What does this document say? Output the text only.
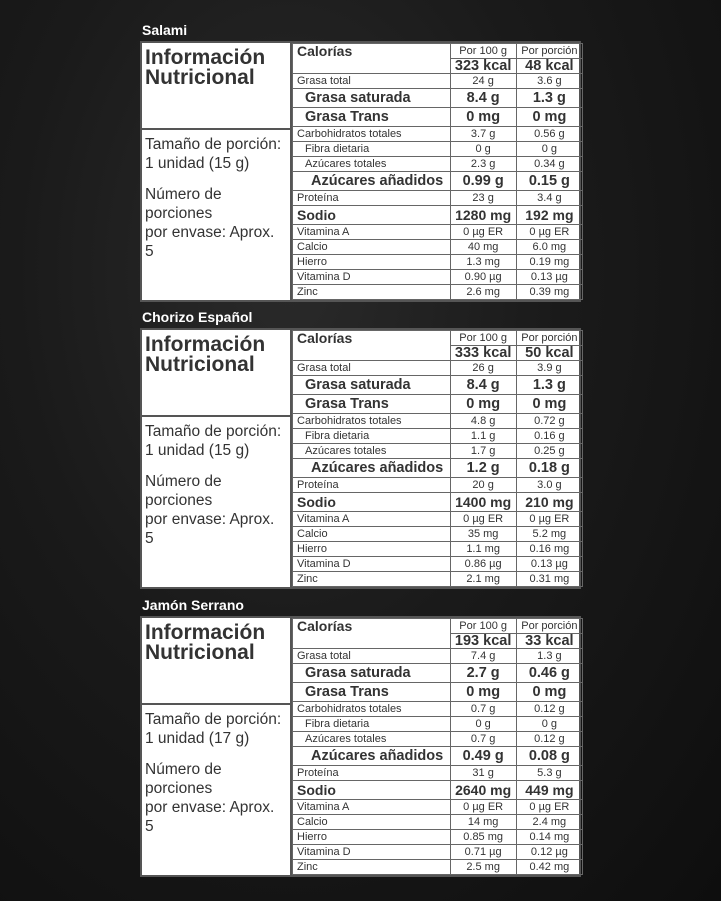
Salami
Información
Nutricional
Tamaño de porción:
1 unidad (15 g)
Número de porciones
por envase: Aprox. 5
Calorías	Por 100 g	Por porción
	323 kcal	48 kcal
Grasa total	24 g	3.6 g
Grasa saturada	8.4 g	1.3 g
Grasa Trans	0 mg	0 mg
Carbohidratos totales	3.7 g	0.56 g
Fibra dietaria	0 g	0 g
Azúcares totales	2.3 g	0.34 g
Azúcares añadidos	0.99 g	0.15 g
Proteína	23 g	3.4 g
Sodio	1280 mg	192 mg
Vitamina A	0 µg ER	0 µg ER
Calcio	40 mg	6.0 mg
Hierro	1.3 mg	0.19 mg
Vitamina D	0.90 µg	0.13 µg
Zinc	2.6 mg	0.39 mg
Chorizo Español
Información
Nutricional
Tamaño de porción:
1 unidad (15 g)
Número de porciones
por envase: Aprox. 5
Calorías	Por 100 g	Por porción
	333 kcal	50 kcal
Grasa total	26 g	3.9 g
Grasa saturada	8.4 g	1.3 g
Grasa Trans	0 mg	0 mg
Carbohidratos totales	4.8 g	0.72 g
Fibra dietaria	1.1 g	0.16 g
Azúcares totales	1.7 g	0.25 g
Azúcares añadidos	1.2 g	0.18 g
Proteína	20 g	3.0 g
Sodio	1400 mg	210 mg
Vitamina A	0 µg ER	0 µg ER
Calcio	35 mg	5.2 mg
Hierro	1.1 mg	0.16 mg
Vitamina D	0.86 µg	0.13 µg
Zinc	2.1 mg	0.31 mg
Jamón Serrano
Información
Nutricional
Tamaño de porción:
1 unidad (17 g)
Número de porciones
por envase: Aprox. 5
Calorías	Por 100 g	Por porción
	193 kcal	33 kcal
Grasa total	7.4 g	1.3 g
Grasa saturada	2.7 g	0.46 g
Grasa Trans	0 mg	0 mg
Carbohidratos totales	0.7 g	0.12 g
Fibra dietaria	0 g	0 g
Azúcares totales	0.7 g	0.12 g
Azúcares añadidos	0.49 g	0.08 g
Proteína	31 g	5.3 g
Sodio	2640 mg	449 mg
Vitamina A	0 µg ER	0 µg ER
Calcio	14 mg	2.4 mg
Hierro	0.85 mg	0.14 mg
Vitamina D	0.71 µg	0.12 µg
Zinc	2.5 mg	0.42 mg
